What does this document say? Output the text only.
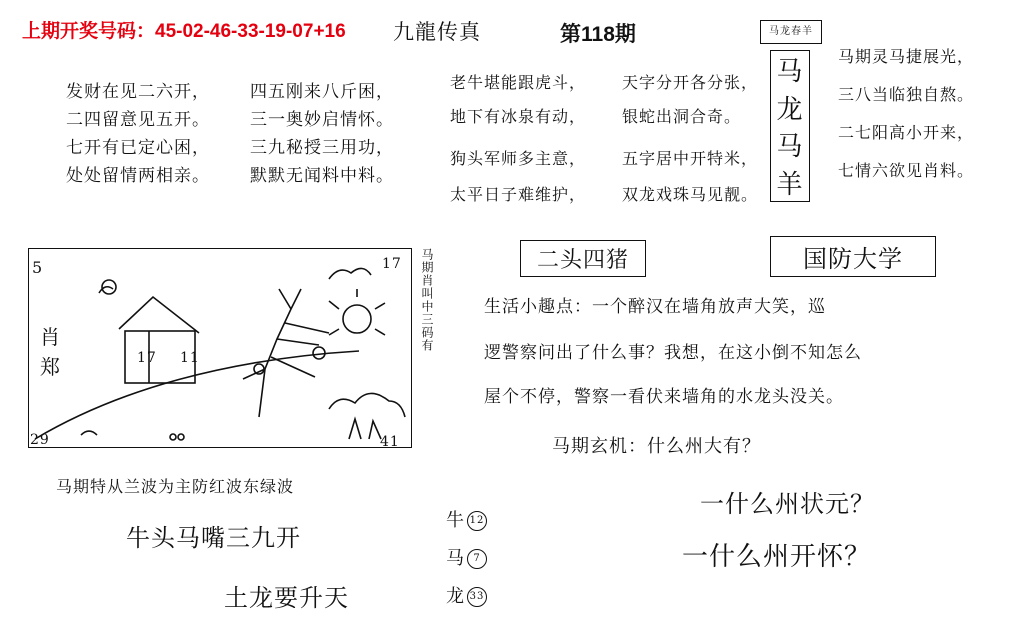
上期开奖号码：45-02-46-33-19-07+16 九龍传真	第118期
发财在见二六开，
二四留意见五开。
七开有已定心困，
处处留情两相亲。
四五刚来八斤困，
三一奥妙启情怀。
三九秘授三用功，
默默无闻料中料。
老牛堪能跟虎斗， 天字分开各分张，
地下有冰泉有动， 银蛇出洞合奇。
狗头军师多主意， 五字居中开特米，
太平日子难维护， 双龙戏珠马见靓。
马龙春羊
马
龙
马
羊
马期灵马捷展光，
三八当临独自熬。
二七阳高小开来，
七情六欲见肖料。
5	17
29	41
肖郑	17 11
马期肖叫中三码有
马期特从兰波为主防红波东绿波
牛头马嘴三九开
土龙要升天
牛 12
马 7
龙 33
二头四猪	国防大学
生活小趣点：一个醉汉在墙角放声大笑，巡
逻警察问出了什么事？我想，在这小倒不知怎么
屋个不停，警察一看伏来墙角的水龙头没关。
马期玄机：什么州大有？
一什么州状元？
一什么州开怀？
